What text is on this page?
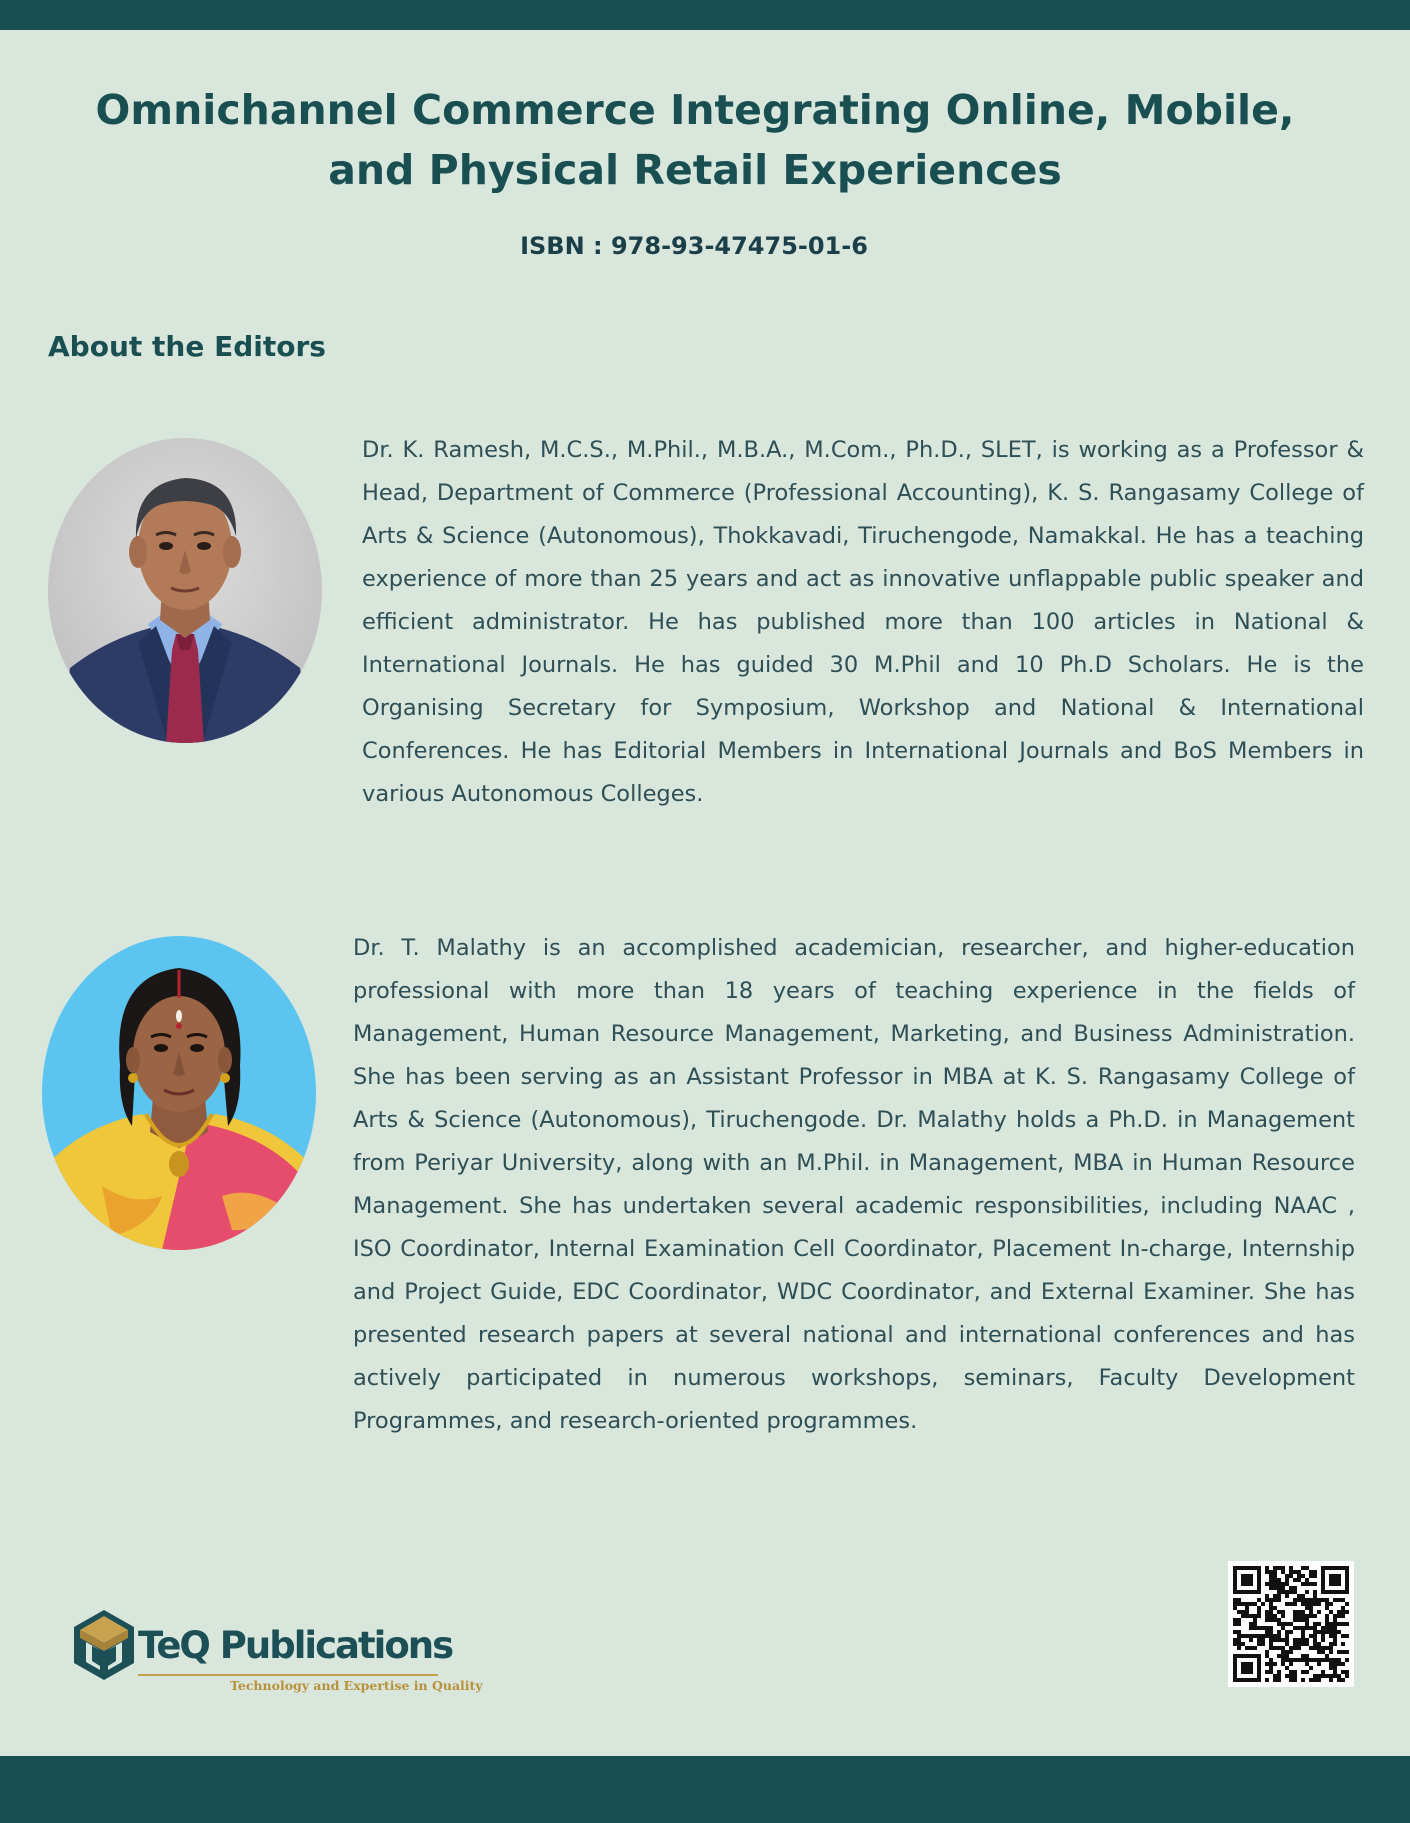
Omnichannel Commerce Integrating Online, Mobile,
and Physical Retail Experiences
ISBN : 978-93-47475-01-6
About the Editors

Dr. K. Ramesh, M.C.S., M.Phil., M.B.A., M.Com., Ph.D., SLET, is working as a Professor & Head, Department of Commerce (Professional Accounting), K. S. Rangasamy College of Arts & Science (Autonomous), Thokkavadi, Tiruchengode, Namakkal. He has a teaching experience of more than 25 years and act as innovative unflappable public speaker and efficient administrator. He has published more than 100 articles in National & International Journals. He has guided 30 M.Phil and 10 Ph.D Scholars. He is the Organising Secretary for Symposium, Workshop and National & International Conferences. He has Editorial Members in International Journals and BoS Members in various Autonomous Colleges.

Dr. T. Malathy is an accomplished academician, researcher, and higher-education professional with more than 18 years of teaching experience in the fields of Management, Human Resource Management, Marketing, and Business Administration. She has been serving as an Assistant Professor in MBA at K. S. Rangasamy College of Arts & Science (Autonomous), Tiruchengode. Dr. Malathy holds a Ph.D. in Management from Periyar University, along with an M.Phil. in Management, MBA in Human Resource Management. She has undertaken several academic responsibilities, including NAAC , ISO Coordinator, Internal Examination Cell Coordinator, Placement In-charge, Internship and Project Guide, EDC Coordinator, WDC Coordinator, and External Examiner. She has presented research papers at several national and international conferences and has actively participated in numerous workshops, seminars, Faculty Development Programmes, and research-oriented programmes.

TeQ Publications
Technology and Expertise in Quality
